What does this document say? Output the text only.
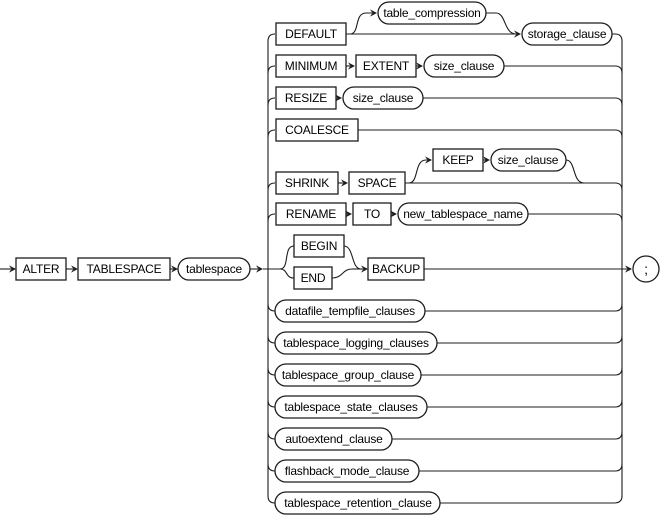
ALTER TABLESPACE tablespace
DEFAULT
table_compression
storage_clause
MINIMUM EXTENT size_clause
RESIZE size_clause
COALESCE
SHRINK SPACE
KEEP size_clause
RENAME TO new_tablespace_name
BEGIN
END
BACKUP
datafile_tempfile_clauses
tablespace_logging_clauses
tablespace_group_clause
tablespace_state_clauses
autoextend_clause
flashback_mode_clause
tablespace_retention_clause
;
